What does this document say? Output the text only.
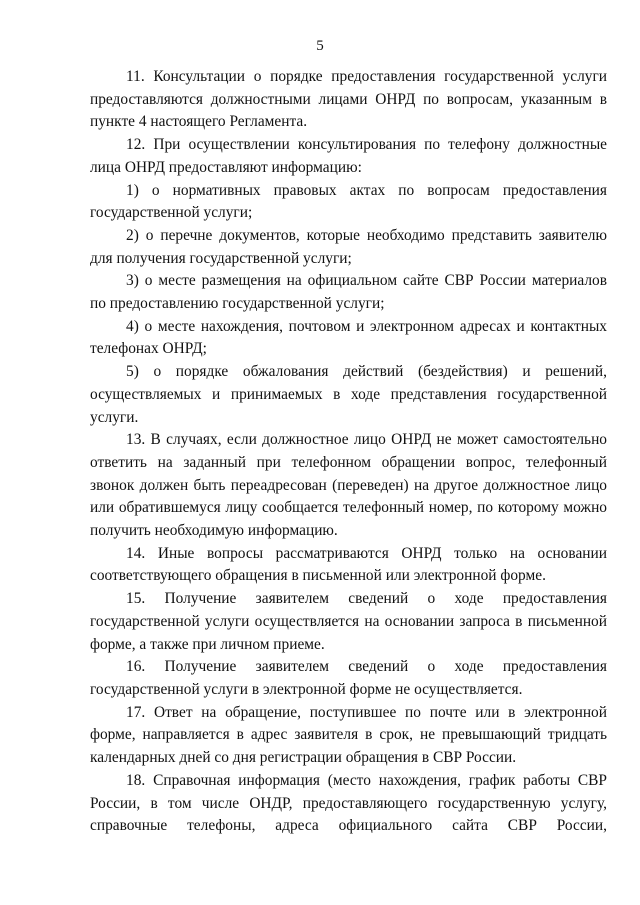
5

11. Консультации о порядке предоставления государственной услуги предоставляются должностными лицами ОНРД по вопросам, указанным в пункте 4 настоящего Регламента.

12. При осуществлении консультирования по телефону должностные лица ОНРД предоставляют информацию:

1) о нормативных правовых актах по вопросам предоставления государственной услуги;

2) о перечне документов, которые необходимо представить заявителю для получения государственной услуги;

3) о месте размещения на официальном сайте СВР России материалов по предоставлению государственной услуги;

4) о месте нахождения, почтовом и электронном адресах и контактных телефонах ОНРД;

5) о порядке обжалования действий (бездействия) и решений, осуществляемых и принимаемых в ходе представления государственной услуги.

13. В случаях, если должностное лицо ОНРД не может самостоятельно ответить на заданный при телефонном обращении вопрос, телефонный звонок должен быть переадресован (переведен) на другое должностное лицо или обратившемуся лицу сообщается телефонный номер, по которому можно получить необходимую информацию.

14. Иные вопросы рассматриваются ОНРД только на основании соответствующего обращения в письменной или электронной форме.

15. Получение заявителем сведений о ходе предоставления государственной услуги осуществляется на основании запроса в письменной форме, а также при личном приеме.

16. Получение заявителем сведений о ходе предоставления государственной услуги в электронной форме не осуществляется.

17. Ответ на обращение, поступившее по почте или в электронной форме, направляется в адрес заявителя в срок, не превышающий тридцать календарных дней со дня регистрации обращения в СВР России.

18. Справочная информация (место нахождения, график работы СВР России, в том числе ОНДР, предоставляющего государственную услугу, справочные телефоны, адреса официального сайта СВР России,
